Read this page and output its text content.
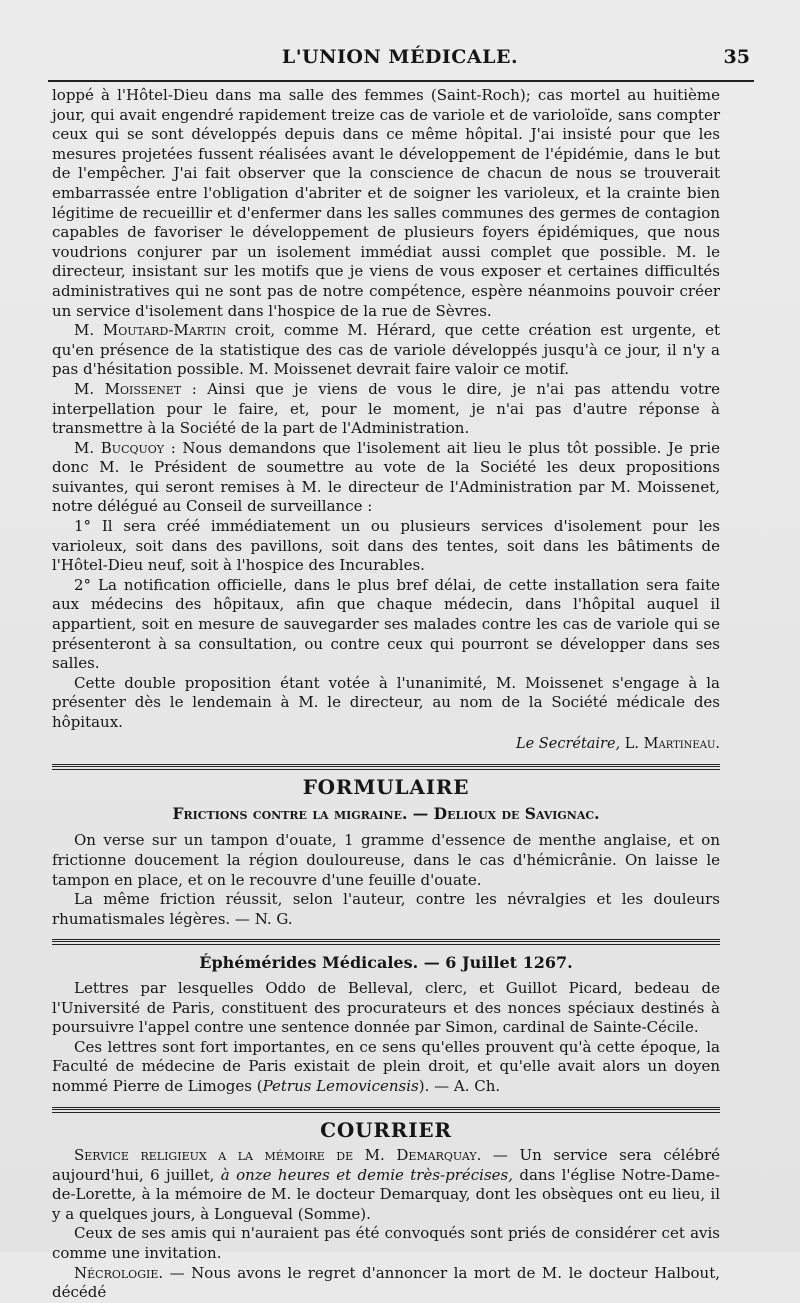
L'UNION MÉDICALE.	35

loppé à l'Hôtel-Dieu dans ma salle des femmes (Saint-Roch); cas mortel au huitième jour, qui avait engendré rapidement treize cas de variole et de varioloïde, sans compter ceux qui se sont développés depuis dans ce même hôpital. J'ai insisté pour que les mesures projetées fussent réalisées avant le développement de l'épidémie, dans le but de l'empêcher. J'ai fait observer que la conscience de chacun de nous se trouverait embarrassée entre l'obligation d'abriter et de soigner les varioleux, et la crainte bien légitime de recueillir et d'enfermer dans les salles communes des germes de contagion capables de favoriser le développement de plusieurs foyers épidémiques, que nous voudrions conjurer par un isolement immédiat aussi complet que possible. M. le directeur, insistant sur les motifs que je viens de vous exposer et certaines difficultés administratives qui ne sont pas de notre compétence, espère néanmoins pouvoir créer un service d'isolement dans l'hospice de la rue de Sèvres.

M. Moutard-Martin croit, comme M. Hérard, que cette création est urgente, et qu'en présence de la statistique des cas de variole développés jusqu'à ce jour, il n'y a pas d'hésitation possible. M. Moissenet devrait faire valoir ce motif.

M. Moissenet : Ainsi que je viens de vous le dire, je n'ai pas attendu votre interpellation pour le faire, et, pour le moment, je n'ai pas d'autre réponse à transmettre à la Société de la part de l'Administration.

M. Bucquoy : Nous demandons que l'isolement ait lieu le plus tôt possible. Je prie donc M. le Président de soumettre au vote de la Société les deux propositions suivantes, qui seront remises à M. le directeur de l'Administration par M. Moissenet, notre délégué au Conseil de surveillance :

1° Il sera créé immédiatement un ou plusieurs services d'isolement pour les varioleux, soit dans des pavillons, soit dans des tentes, soit dans les bâtiments de l'Hôtel-Dieu neuf, soit à l'hospice des Incurables.

2° La notification officielle, dans le plus bref délai, de cette installation sera faite aux médecins des hôpitaux, afin que chaque médecin, dans l'hôpital auquel il appartient, soit en mesure de sauvegarder ses malades contre les cas de variole qui se présenteront à sa consultation, ou contre ceux qui pourront se développer dans ses salles.

Cette double proposition étant votée à l'unanimité, M. Moissenet s'engage à la présenter dès le lendemain à M. le directeur, au nom de la Société médicale des hôpitaux.

Le Secrétaire, L. Martineau.
FORMULAIRE
Frictions contre la migraine. — Delioux de Savignac.

On verse sur un tampon d'ouate, 1 gramme d'essence de menthe anglaise, et on frictionne doucement la région douloureuse, dans le cas d'hémicrânie. On laisse le tampon en place, et on le recouvre d'une feuille d'ouate.

La même friction réussit, selon l'auteur, contre les névralgies et les douleurs rhumatismales légères. — N. G.

Éphémérides Médicales. — 6 Juillet 1267.

Lettres par lesquelles Oddo de Belleval, clerc, et Guillot Picard, bedeau de l'Université de Paris, constituent des procurateurs et des nonces spéciaux destinés à poursuivre l'appel contre une sentence donnée par Simon, cardinal de Sainte-Cécile.

Ces lettres sont fort importantes, en ce sens qu'elles prouvent qu'à cette époque, la Faculté de médecine de Paris existait de plein droit, et qu'elle avait alors un doyen nommé Pierre de Limoges (Petrus Lemovicensis). — A. Ch.

COURRIER

Service religieux a la mémoire de M. Demarquay. — Un service sera célébré aujourd'hui, 6 juillet, à onze heures et demie très-précises, dans l'église Notre-Dame-de-Lorette, à la mémoire de M. le docteur Demarquay, dont les obsèques ont eu lieu, il y a quelques jours, à Longueval (Somme).

Ceux de ses amis qui n'auraient pas été convoqués sont priés de considérer cet avis comme une invitation.

Nécrologie. — Nous avons le regret d'annoncer la mort de M. le docteur Halbout, décédé
